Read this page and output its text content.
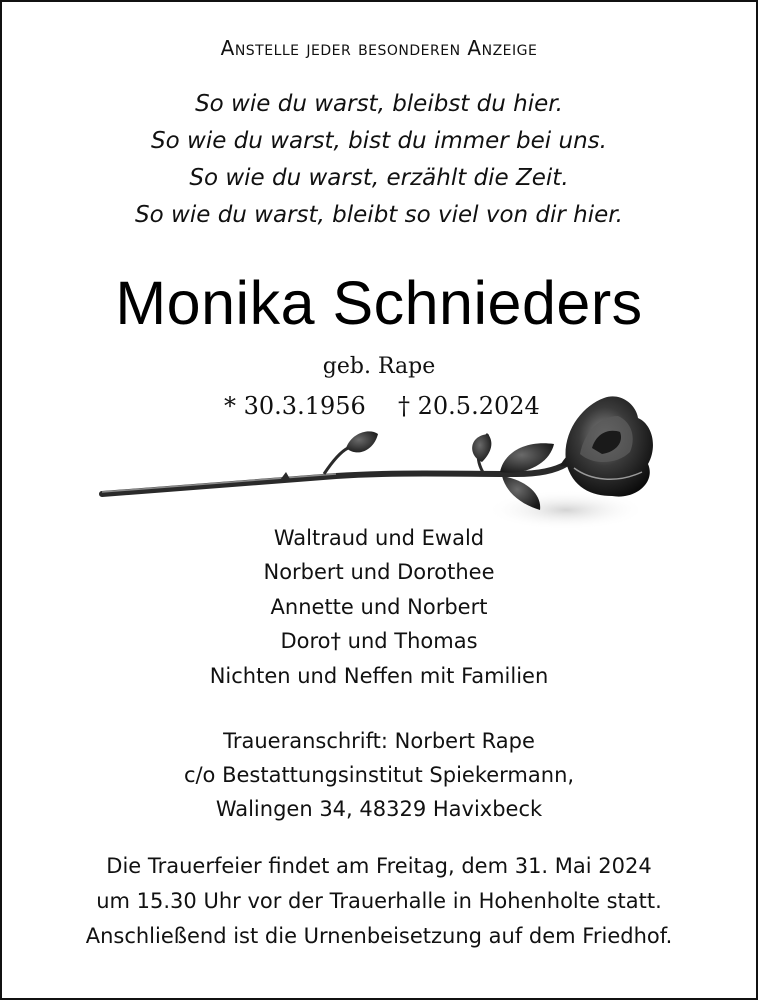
Anstelle jeder besonderen Anzeige
So wie du warst, bleibst du hier.
So wie du warst, bist du immer bei uns.
So wie du warst, erzählt die Zeit.
So wie du warst, bleibt so viel von dir hier.
Monika Schnieders
geb. Rape
* 30.3.1956 † 20.5.2024
Waltraud und Ewald
Norbert und Dorothee
Annette und Norbert
Doro† und Thomas
Nichten und Neffen mit Familien
Traueranschrift: Norbert Rape
c/o Bestattungsinstitut Spiekermann,
Walingen 34, 48329 Havixbeck
Die Trauerfeier findet am Freitag, dem 31. Mai 2024
um 15.30 Uhr vor der Trauerhalle in Hohenholte statt.
Anschließend ist die Urnenbeisetzung auf dem Friedhof.
